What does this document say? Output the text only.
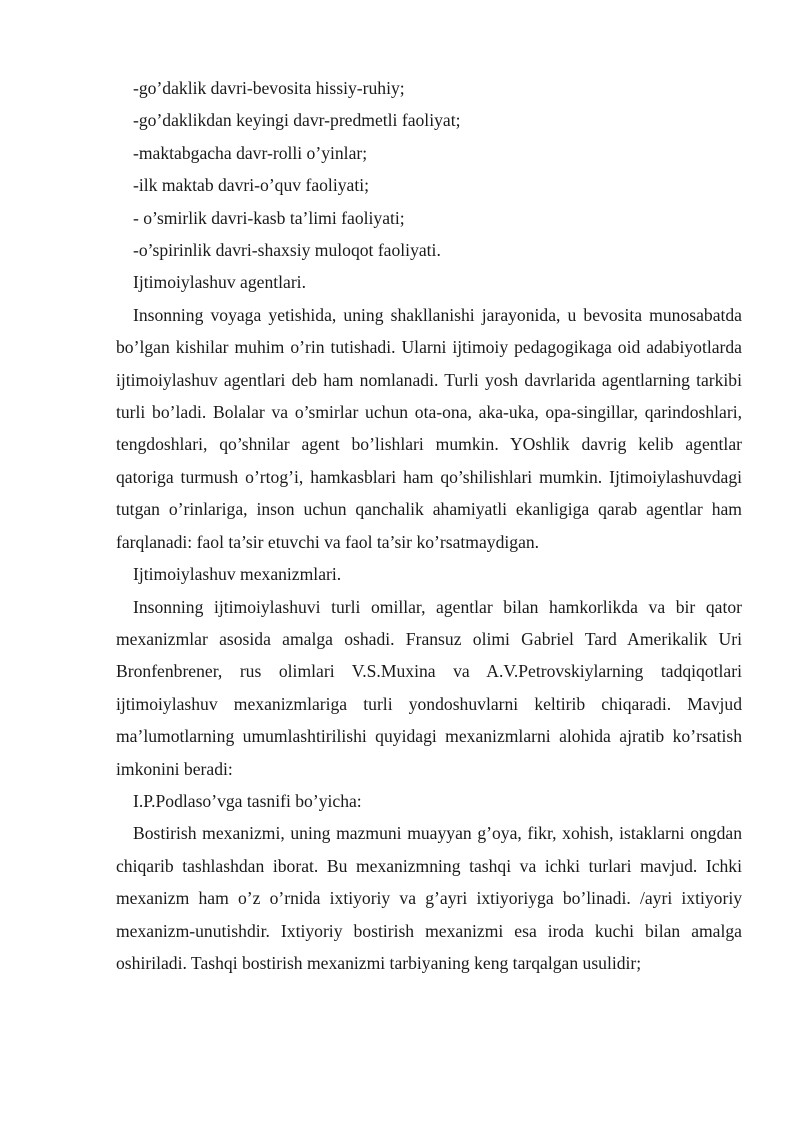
-go’daklik davri-bevosita hissiy-ruhiy;

-go’daklikdan keyingi davr-predmetli faoliyat;

-maktabgacha davr-rolli o’yinlar;

-ilk maktab davri-o’quv faoliyati;

- o’smirlik davri-kasb ta’limi faoliyati;

-o’spirinlik davri-shaxsiy muloqot faoliyati.

Ijtimoiylashuv agentlari.

Insonning voyaga yetishida, uning shakllanishi jarayonida, u bevosita munosabatda bo’lgan kishilar muhim o’rin tutishadi. Ularni ijtimoiy pedagogikaga oid adabiyotlarda ijtimoiylashuv agentlari deb ham nomlanadi. Turli yosh davrlarida agentlarning tarkibi turli bo’ladi. Bolalar va o’smirlar uchun ota-ona, aka-uka, opa-singillar, qarindoshlari, tengdoshlari, qo’shnilar agent bo’lishlari mumkin. YOshlik davrig kelib agentlar qatoriga turmush o’rtog’i, hamkasblari ham qo’shilishlari mumkin. Ijtimoiylashuvdagi tutgan o’rinlariga, inson uchun qanchalik ahamiyatli ekanligiga qarab agentlar ham farqlanadi: faol ta’sir etuvchi va faol ta’sir ko’rsatmaydigan.

Ijtimoiylashuv mexanizmlari.

Insonning ijtimoiylashuvi turli omillar, agentlar bilan hamkorlikda va bir qator mexanizmlar asosida amalga oshadi. Fransuz olimi Gabriel Tard Amerikalik Uri Bronfenbrener, rus olimlari V.S.Muxina va A.V.Petrovskiylarning tadqiqotlari ijtimoiylashuv mexanizmlariga turli yondoshuvlarni keltirib chiqaradi. Mavjud ma’lumotlarning umumlashtirilishi quyidagi mexanizmlarni alohida ajratib ko’rsatish imkonini beradi:

I.P.Podlaso’vga tasnifi bo’yicha:

Bostirish mexanizmi, uning mazmuni muayyan g’oya, fikr, xohish, istaklarni ongdan chiqarib tashlashdan iborat. Bu mexanizmning tashqi va ichki turlari mavjud. Ichki mexanizm ham o’z o’rnida ixtiyoriy va g’ayri ixtiyoriyga bo’linadi. /ayri ixtiyoriy mexanizm-unutishdir. Ixtiyoriy bostirish mexanizmi esa iroda kuchi bilan amalga oshiriladi. Tashqi bostirish mexanizmi tarbiyaning keng tarqalgan usulidir;
